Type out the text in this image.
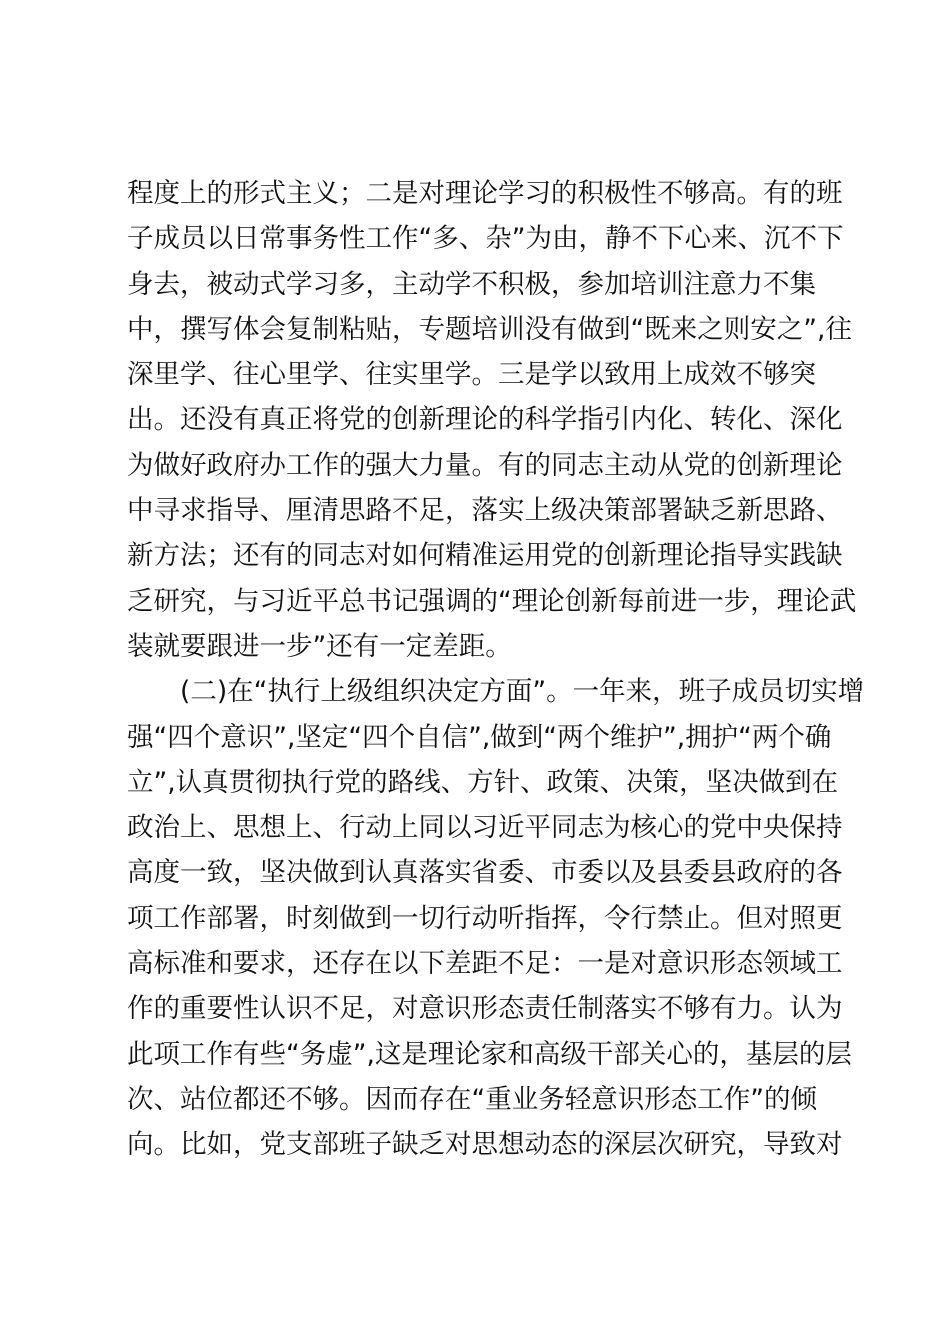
程度上的形式主义；二是对理论学习的积极性不够高。有的班
子成员以日常事务性工作“多、杂”为由，静不下心来、沉不下
身去，被动式学习多，主动学不积极，参加培训注意力不集
中，撰写体会复制粘贴，专题培训没有做到“既来之则安之”,往
深里学、往心里学、往实里学。三是学以致用上成效不够突
出。还没有真正将党的创新理论的科学指引内化、转化、深化
为做好政府办工作的强大力量。有的同志主动从党的创新理论
中寻求指导、厘清思路不足，落实上级决策部署缺乏新思路、
新方法；还有的同志对如何精准运用党的创新理论指导实践缺
乏研究，与习近平总书记强调的“理论创新每前进一步，理论武
装就要跟进一步”还有一定差距。
　　(二)在“执行上级组织决定方面”。一年来，班子成员切实增
强“四个意识”,坚定“四个自信”,做到“两个维护”,拥护“两个确
立”,认真贯彻执行党的路线、方针、政策、决策，坚决做到在
政治上、思想上、行动上同以习近平同志为核心的党中央保持
高度一致，坚决做到认真落实省委、市委以及县委县政府的各
项工作部署，时刻做到一切行动听指挥，令行禁止。但对照更
高标准和要求，还存在以下差距不足：一是对意识形态领域工
作的重要性认识不足，对意识形态责任制落实不够有力。认为
此项工作有些“务虚”,这是理论家和高级干部关心的，基层的层
次、站位都还不够。因而存在“重业务轻意识形态工作”的倾
向。比如，党支部班子缺乏对思想动态的深层次研究，导致对
